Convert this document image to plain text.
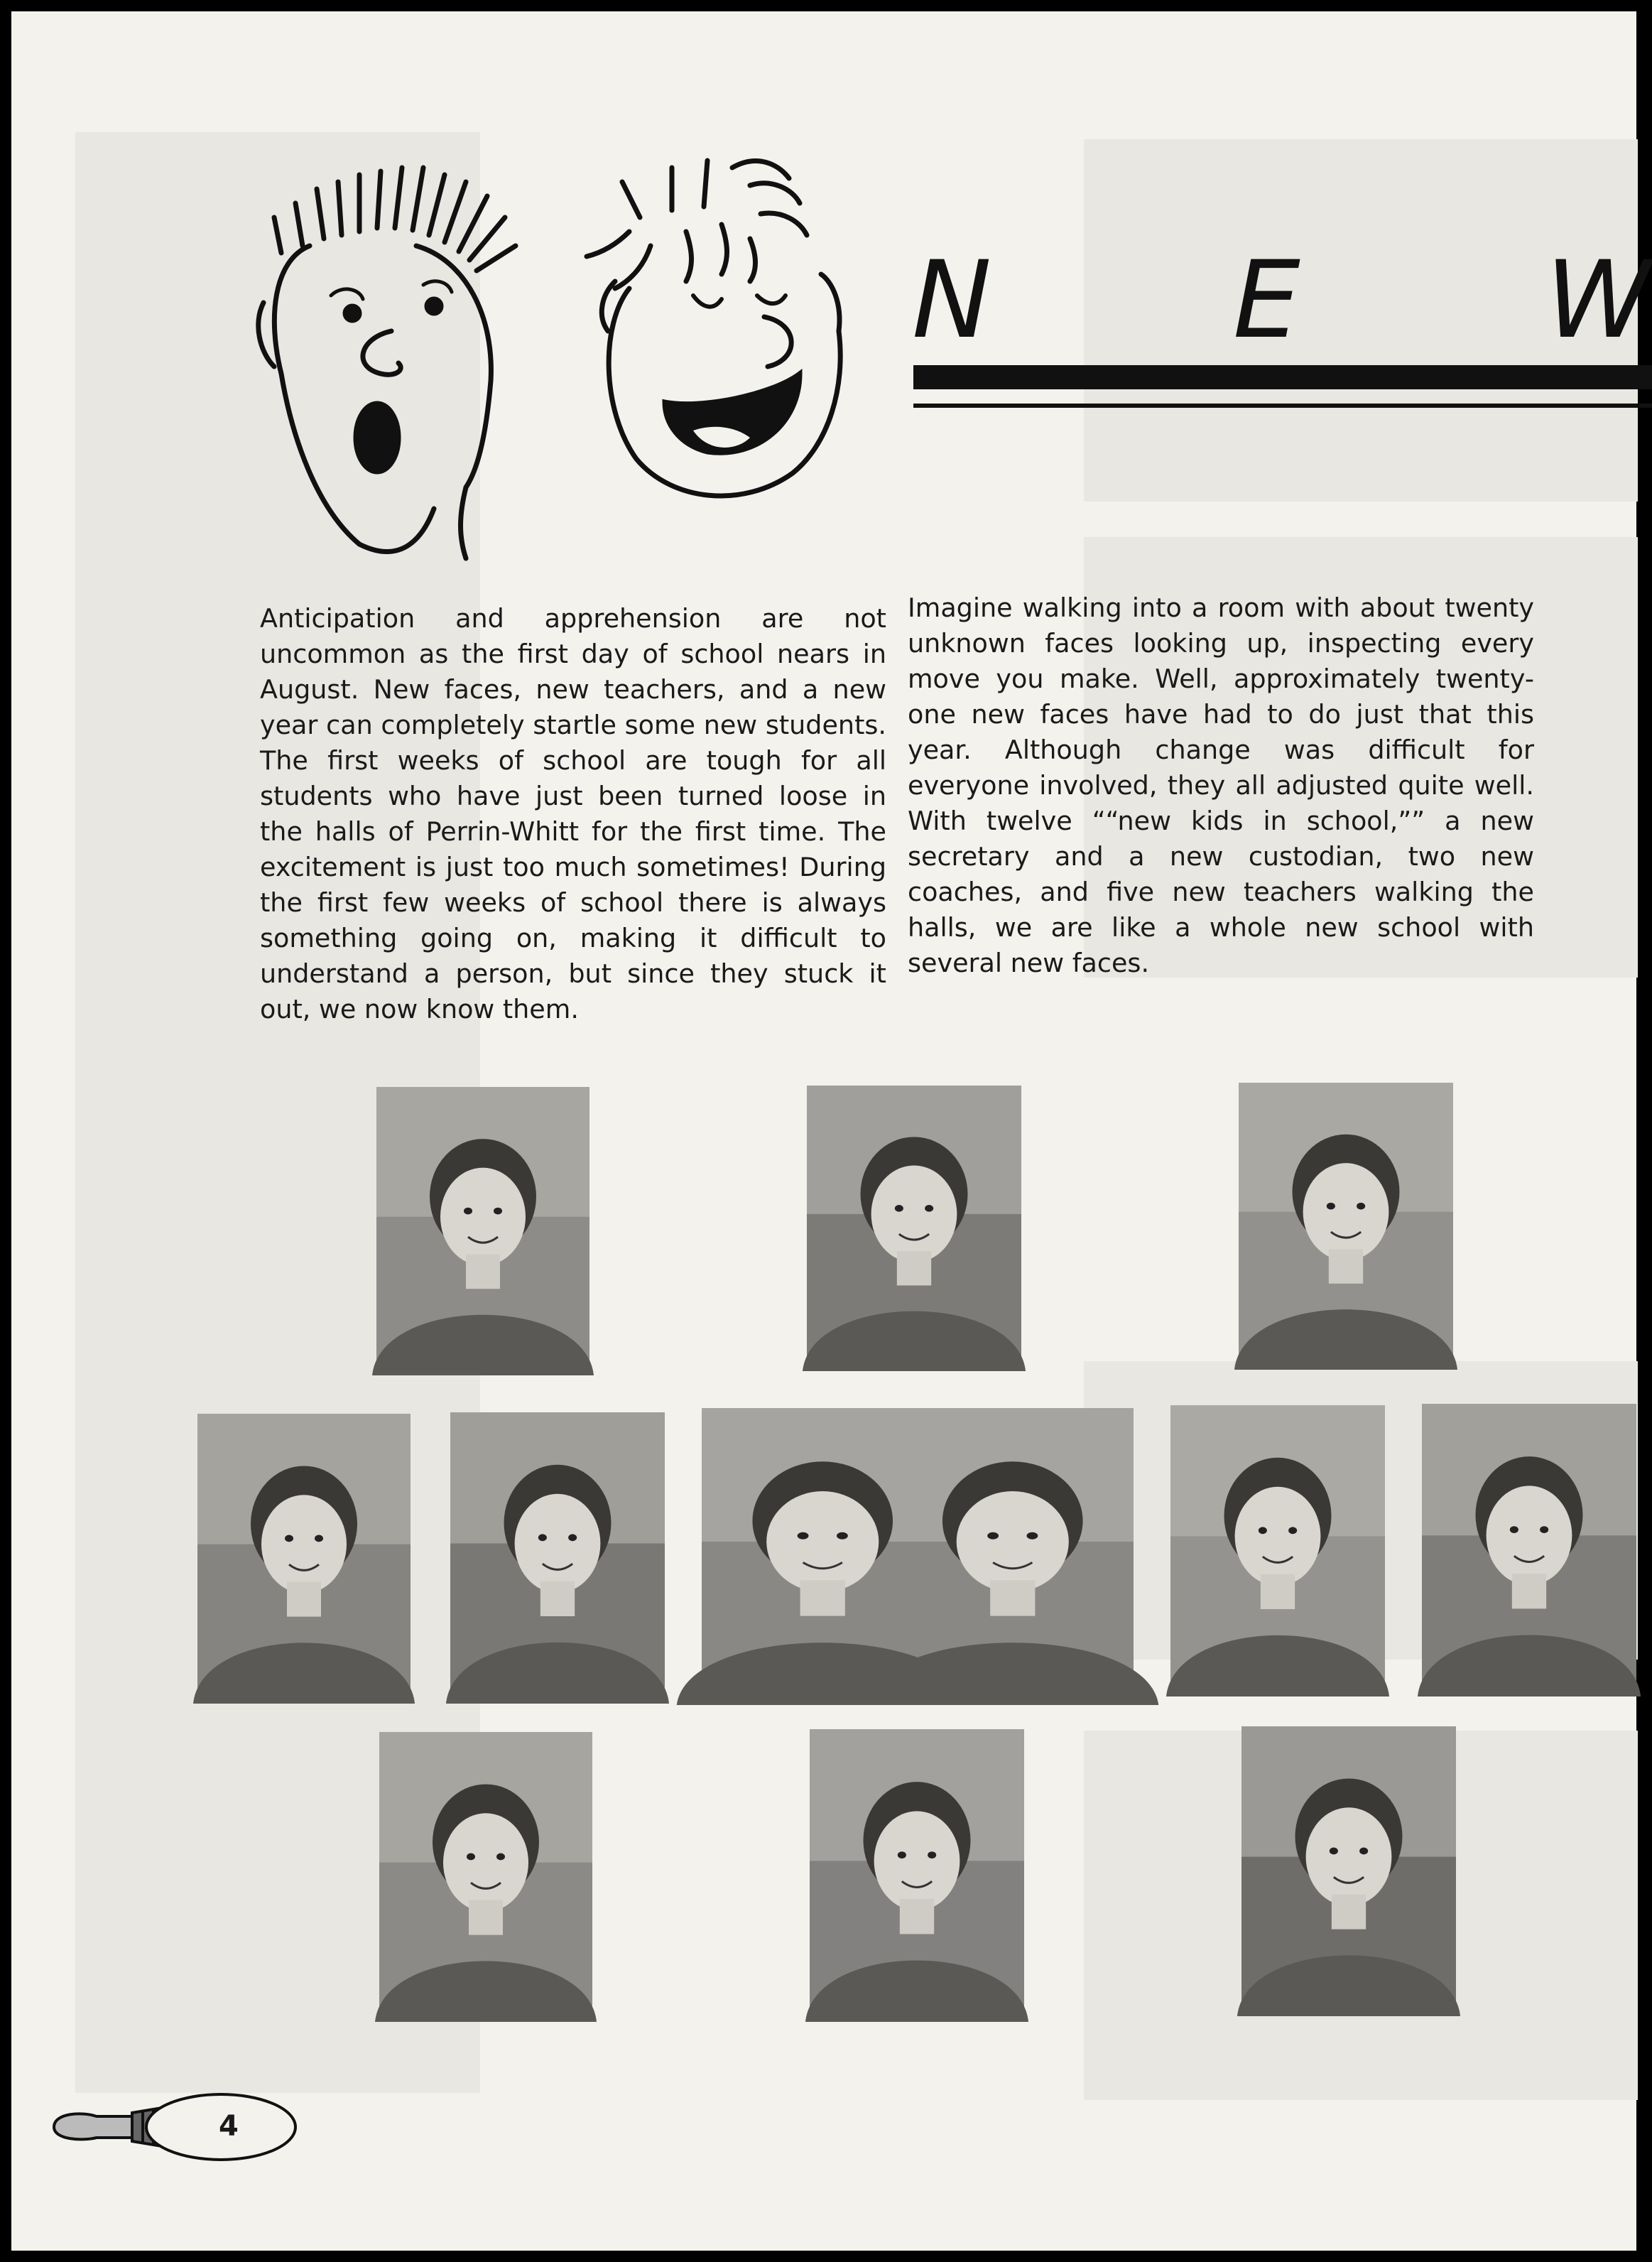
N E W

Anticipation and apprehension are not uncommon as the first day of school nears in August. New faces, new teachers, and a new year can completely startle some new students. The first weeks of school are tough for all students who have just been turned loose in the halls of Perrin-Whitt for the first time. The excitement is just too much sometimes! During the first few weeks of school there is always something going on, making it difficult to understand a person, but since they stuck it out, we now know them.

Imagine walking into a room with about twenty unknown faces looking up, inspecting every move you make. Well, approximately twenty-one new faces have had to do just that this year. Although change was difficult for everyone involved, they all adjusted quite well. With twelve ““new kids in school,”” a new secretary and a new custodian, two new coaches, and five new teachers walking the halls, we are like a whole new school with several new faces.

4
